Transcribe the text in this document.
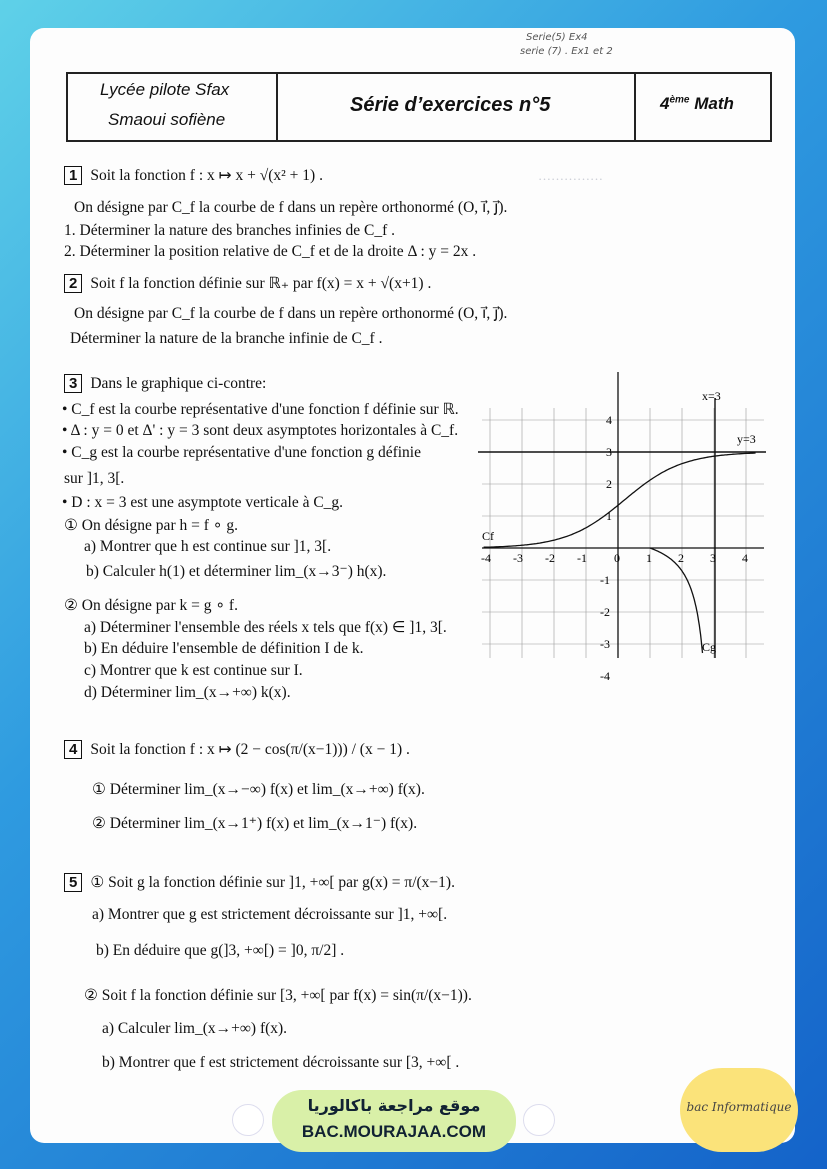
Serie(5) Ex4
serie (7) . Ex1 et 2
Lycée pilote Sfax
Smaoui sofiène
Série d’exercices n°5	4ème Math
……………
1 Soit la fonction f : x ↦ x + √(x² + 1) .
On désigne par C_f la courbe de f dans un repère orthonormé (O, i⃗, j⃗).
1. Déterminer la nature des branches infinies de C_f .
2. Déterminer la position relative de C_f et de la droite Δ : y = 2x .
2 Soit f la fonction définie sur ℝ₊ par f(x) = x + √(x+1) .
On désigne par C_f la courbe de f dans un repère orthonormé (O, i⃗, j⃗).
Déterminer la nature de la branche infinie de C_f .
3 Dans le graphique ci-contre:
• C_f est la courbe représentative d'une fonction f définie sur ℝ.
• Δ : y = 0 et Δ' : y = 3 sont deux asymptotes horizontales à C_f.
• C_g est la courbe représentative d'une fonction g définie
sur ]1, 3[.
• D : x = 3 est une asymptote verticale à C_g.
① On désigne par h = f ∘ g.
a) Montrer que h est continue sur ]1, 3[.
b) Calculer h(1) et déterminer lim_(x→3⁻) h(x).
② On désigne par k = g ∘ f.
a) Déterminer l'ensemble des réels x tels que f(x) ∈ ]1, 3[.
b) En déduire l'ensemble de définition I de k.
c) Montrer que k est continue sur I.
d) Déterminer lim_(x→+∞) k(x).
-4 -3 -2 -1 0 1 2 3 4
4
3
2
1
-1
-2
-3
-4
x=3
y=3
Cf
Cg
4 Soit la fonction f : x ↦ (2 − cos(π/(x−1))) / (x − 1) .
① Déterminer lim_(x→−∞) f(x) et lim_(x→+∞) f(x).
② Déterminer lim_(x→1⁺) f(x) et lim_(x→1⁻) f(x).
5 ① Soit g la fonction définie sur ]1, +∞[ par g(x) = π/(x−1).
a) Montrer que g est strictement décroissante sur ]1, +∞[.
b) En déduire que g(]3, +∞[) = ]0, π/2] .
② Soit f la fonction définie sur [3, +∞[ par f(x) = sin(π/(x−1)).
a) Calculer lim_(x→+∞) f(x).
b) Montrer que f est strictement décroissante sur [3, +∞[ .
موقع مراجعة باكالوريا
BAC.MOURAJAA.COM
bac Informatique
